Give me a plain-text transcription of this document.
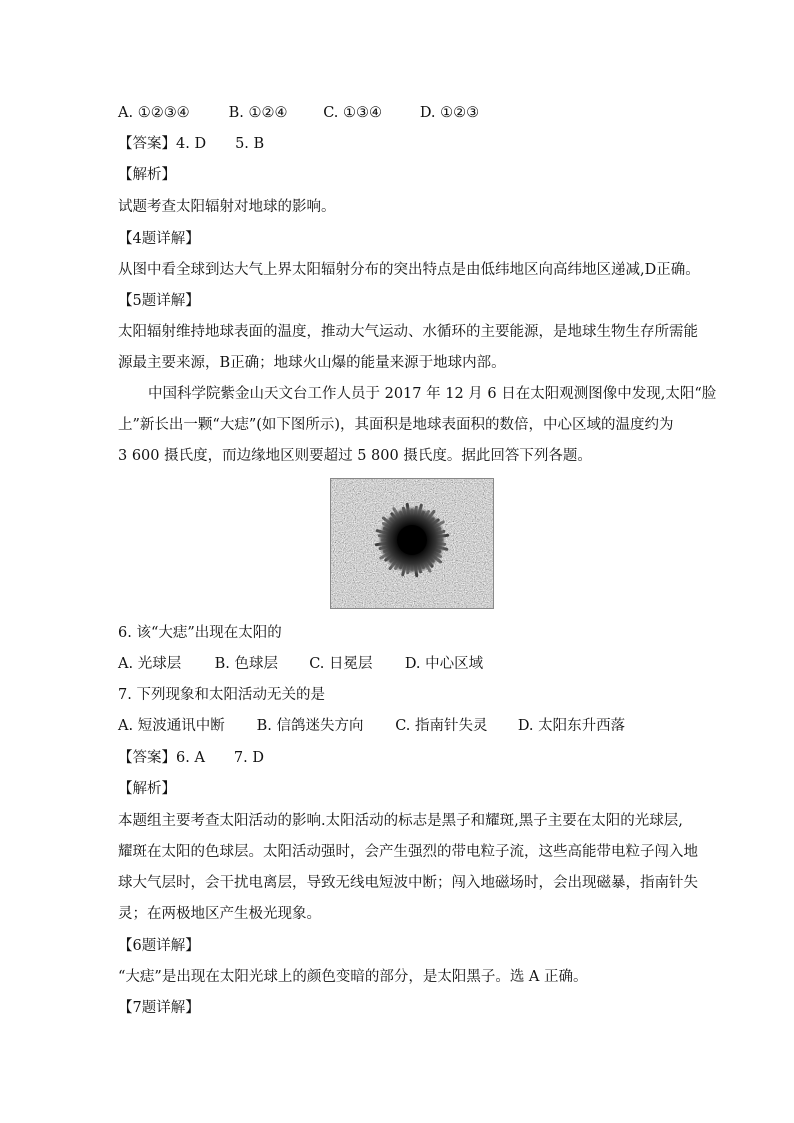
A. ①②③④	B. ①②④ C. ①③④	D. ①②③
【答案】4. D　　5. B
【解析】
试题考查太阳辐射对地球的影响。
【4题详解】
从图中看全球到达大气上界太阳辐射分布的突出特点是由低纬地区向高纬地区递减,D正确。
【5题详解】
太阳辐射维持地球表面的温度，推动大气运动、水循环的主要能源，是地球生物生存所需能
源最主要来源，B正确；地球火山爆的能量来源于地球内部。
中国科学院紫金山天文台工作人员于 2017 年 12 月 6 日在太阳观测图像中发现,太阳“脸
上”新长出一颗“大痣”(如下图所示)，其面积是地球表面积的数倍，中心区域的温度约为
3 600 摄氏度，而边缘地区则要超过 5 800 摄氏度。据此回答下列各题。
6. 该“大痣”出现在太阳的
A. 光球层 B. 色球层 C. 日冕层 D. 中心区域
7. 下列现象和太阳活动无关的是
A. 短波通讯中断 B. 信鸽迷失方向 C. 指南针失灵 D. 太阳东升西落
【答案】6. A　　7. D
【解析】
本题组主要考查太阳活动的影响.太阳活动的标志是黑子和耀斑,黑子主要在太阳的光球层,
耀斑在太阳的色球层。太阳活动强时，会产生强烈的带电粒子流，这些高能带电粒子闯入地
球大气层时，会干扰电离层，导致无线电短波中断；闯入地磁场时，会出现磁暴，指南针失
灵；在两极地区产生极光现象。
【6题详解】
“大痣”是出现在太阳光球上的颜色变暗的部分，是太阳黑子。选 A 正确。
【7题详解】
